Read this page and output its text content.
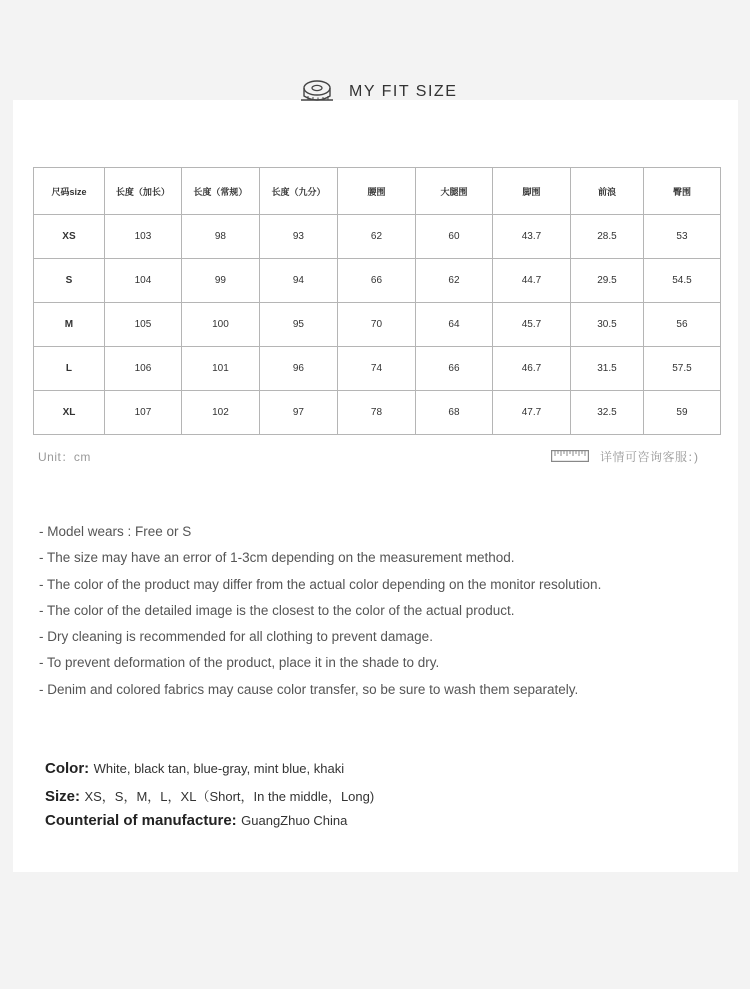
MY FIT SIZE
尺码size	长度（加长）	长度（常规）	长度（九分）	腰围	大腿围	脚围	前浪	臀围
XS	103	98	93	62	60	43.7	28.5	53
S	104	99	94	66	62	44.7	29.5	54.5
M	105	100	95	70	64	45.7	30.5	56
L	106	101	96	74	66	46.7	31.5	57.5
XL	107	102	97	78	68	47.7	32.5	59
Unit：cm	详情可咨询客服：)
- Model wears : Free or S
- The size may have an error of 1-3cm depending on the measurement method.
- The color of the product may differ from the actual color depending on the monitor resolution.
- The color of the detailed image is the closest to the color of the actual product.
- Dry cleaning is recommended for all clothing to prevent damage.
- To prevent deformation of the product, place it in the shade to dry.
- Denim and colored fabrics may cause color transfer, so be sure to wash them separately.
Color: White, black tan, blue-gray, mint blue, khaki
Size: XS，S，M，L，XL（Short，In the middle，Long)
Counterial of manufacture: GuangZhuo China
